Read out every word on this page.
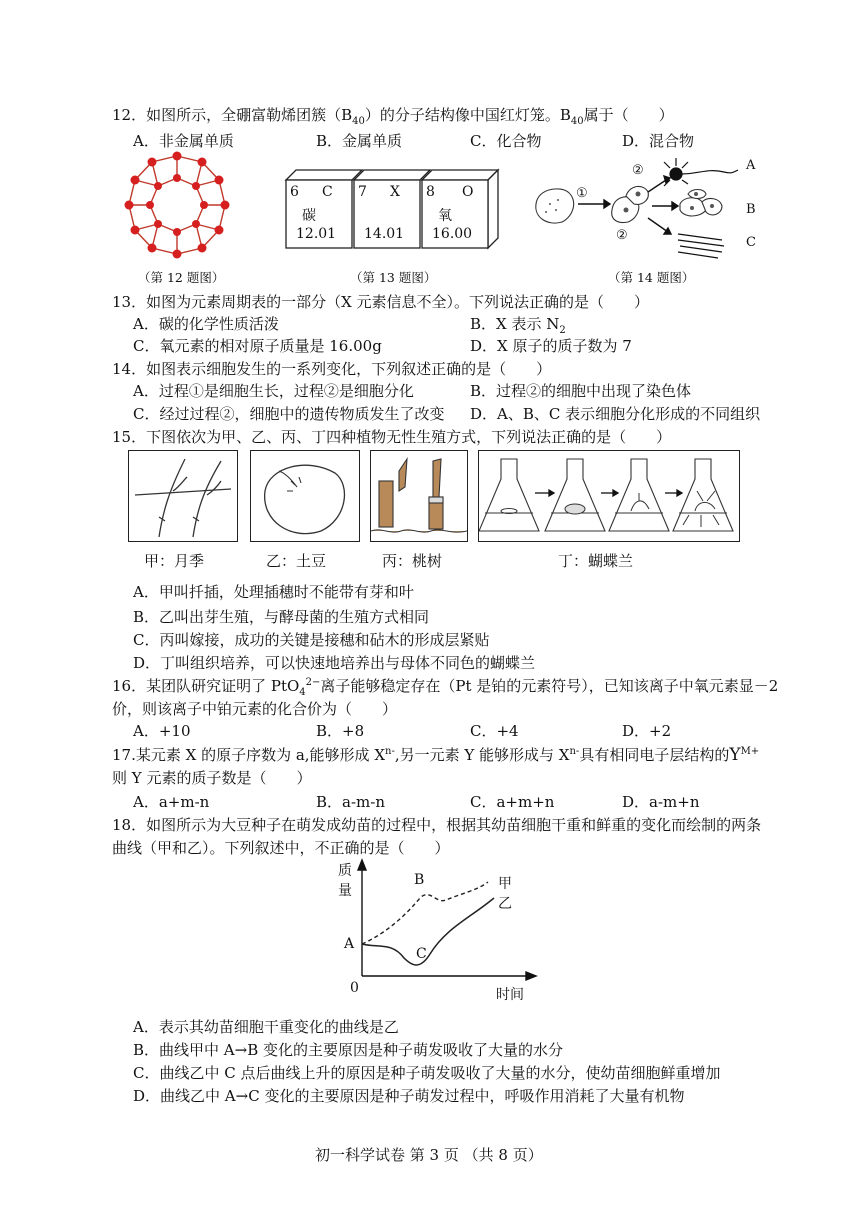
12．如图所示，全硼富勒烯团簇$(B_{40})$的分子结构像中国红灯笼。$B_{40}$属于（　　）
A．非金属单质	B．金属单质	C．化合物	D．混合物
6 C
碳
12.01
7 X
14.01
8 O
氧
16.00
①
②
②
A
B
C
（第 12 题图）	（第 13 题图）	（第 14 题图）
13．如图为元素周期表的一部分（X 元素信息不全）。下列说法正确的是（　　）
A．碳的化学性质活泼	B．X 表示 $N_2$
C．氧元素的相对原子质量是 16.00g	D．X 原子的质子数为 7
14．如图表示细胞发生的一系列变化，下列叙述正确的是（　　）
A．过程①是细胞生长，过程②是细胞分化	B．过程②的细胞中出现了染色体
C．经过过程②，细胞中的遗传物质发生了改变 D．A、B、C 表示细胞分化形成的不同组织
15．下图依次为甲、乙、丙、丁四种植物无性生殖方式，下列说法正确的是（　　）
甲：月季	乙：土豆	丙：桃树	丁：蝴蝶兰
A．甲叫扦插，处理插穗时不能带有芽和叶
B．乙叫出芽生殖，与酵母菌的生殖方式相同
C．丙叫嫁接，成功的关键是接穗和砧木的形成层紧贴
D．丁叫组织培养，可以快速地培养出与母体不同色的蝴蝶兰
16．某团队研究证明了 PtO$_4^{2-}$离子能够稳定存在（Pt 是铂的元素符号），已知该离子中氧元素显－2
价，则该离子中铂元素的化合价为（　　）
A．+10	B．+8	C．+4	D．+2
17.某元素 X 的原子序数为 a,能够形成 $X^{n-}$,另一元素 Y 能够形成与 $X^{n-}$具有相同电子层结构的$Y^{M+}$
则 Y 元素的质子数是（　　）
A．a+m-n	B．a-m-n	C．a+m+n	D．a-m+n
18．如图所示为大豆种子在萌发成幼苗的过程中，根据其幼苗细胞干重和鲜重的变化而绘制的两条
曲线（甲和乙）。下列叙述中，不正确的是（　　）
质
量
A
B
C
甲
乙
0	时间
A．表示其幼苗细胞干重变化的曲线是乙
B．曲线甲中 A→B 变化的主要原因是种子萌发吸收了大量的水分
C．曲线乙中 C 点后曲线上升的原因是种子萌发吸收了大量的水分，使幼苗细胞鲜重增加
D．曲线乙中 A→C 变化的主要原因是种子萌发过程中，呼吸作用消耗了大量有机物
初一科学试卷 第 3 页 （共 8 页）
